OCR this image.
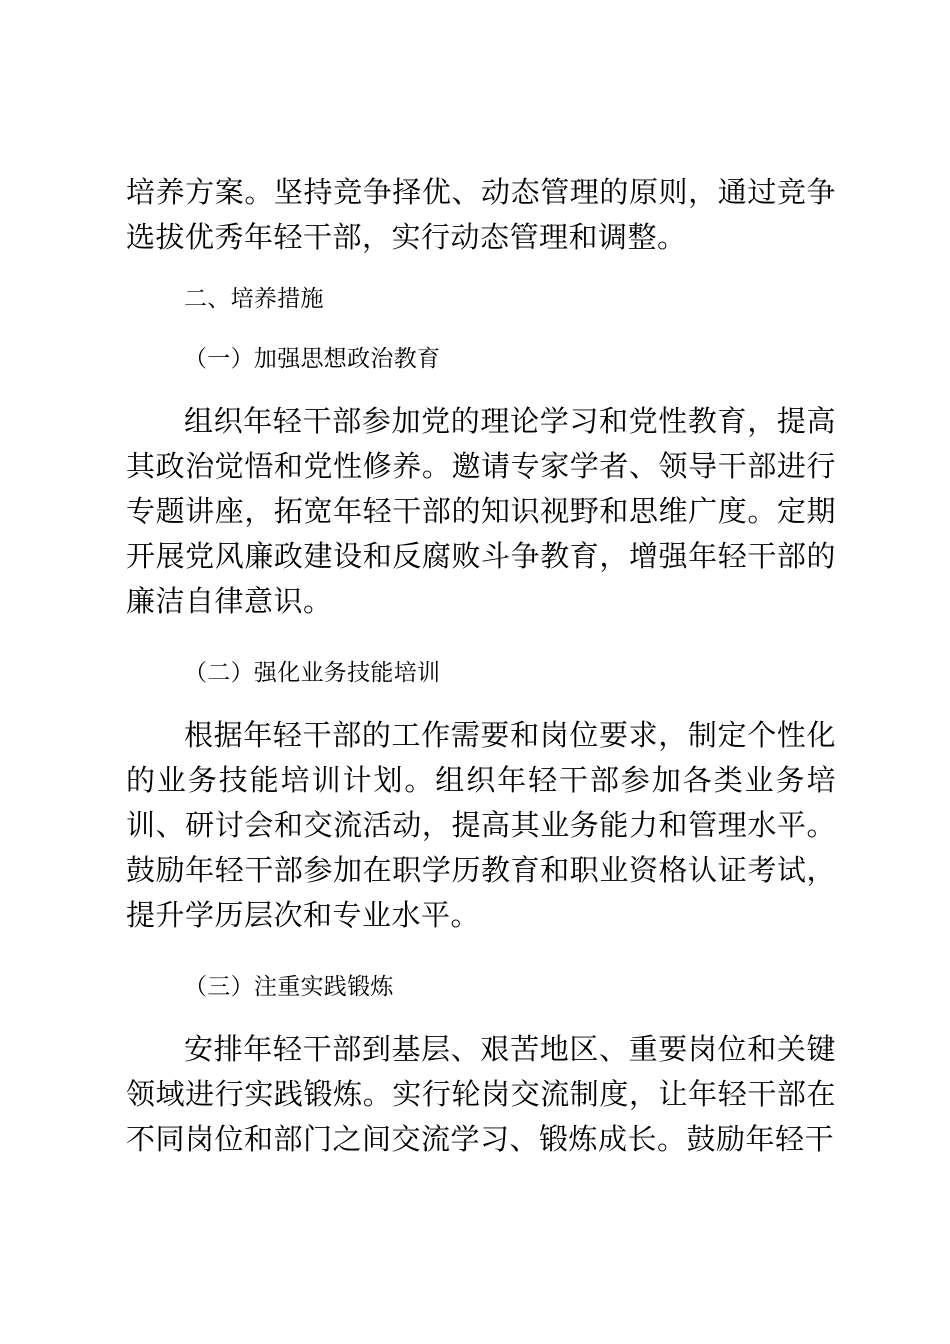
培养方案。坚持竞争择优、动态管理的原则，通过竞争选拔优秀年轻干部，实行动态管理和调整。

二、培养措施

（一）加强思想政治教育

组织年轻干部参加党的理论学习和党性教育，提高其政治觉悟和党性修养。邀请专家学者、领导干部进行专题讲座，拓宽年轻干部的知识视野和思维广度。定期开展党风廉政建设和反腐败斗争教育，增强年轻干部的廉洁自律意识。

（二）强化业务技能培训

根据年轻干部的工作需要和岗位要求，制定个性化的业务技能培训计划。组织年轻干部参加各类业务培训、研讨会和交流活动，提高其业务能力和管理水平。鼓励年轻干部参加在职学历教育和职业资格认证考试，提升学历层次和专业水平。

（三）注重实践锻炼

安排年轻干部到基层、艰苦地区、重要岗位和关键领域进行实践锻炼。实行轮岗交流制度，让年轻干部在不同岗位和部门之间交流学习、锻炼成长。鼓励年轻干
